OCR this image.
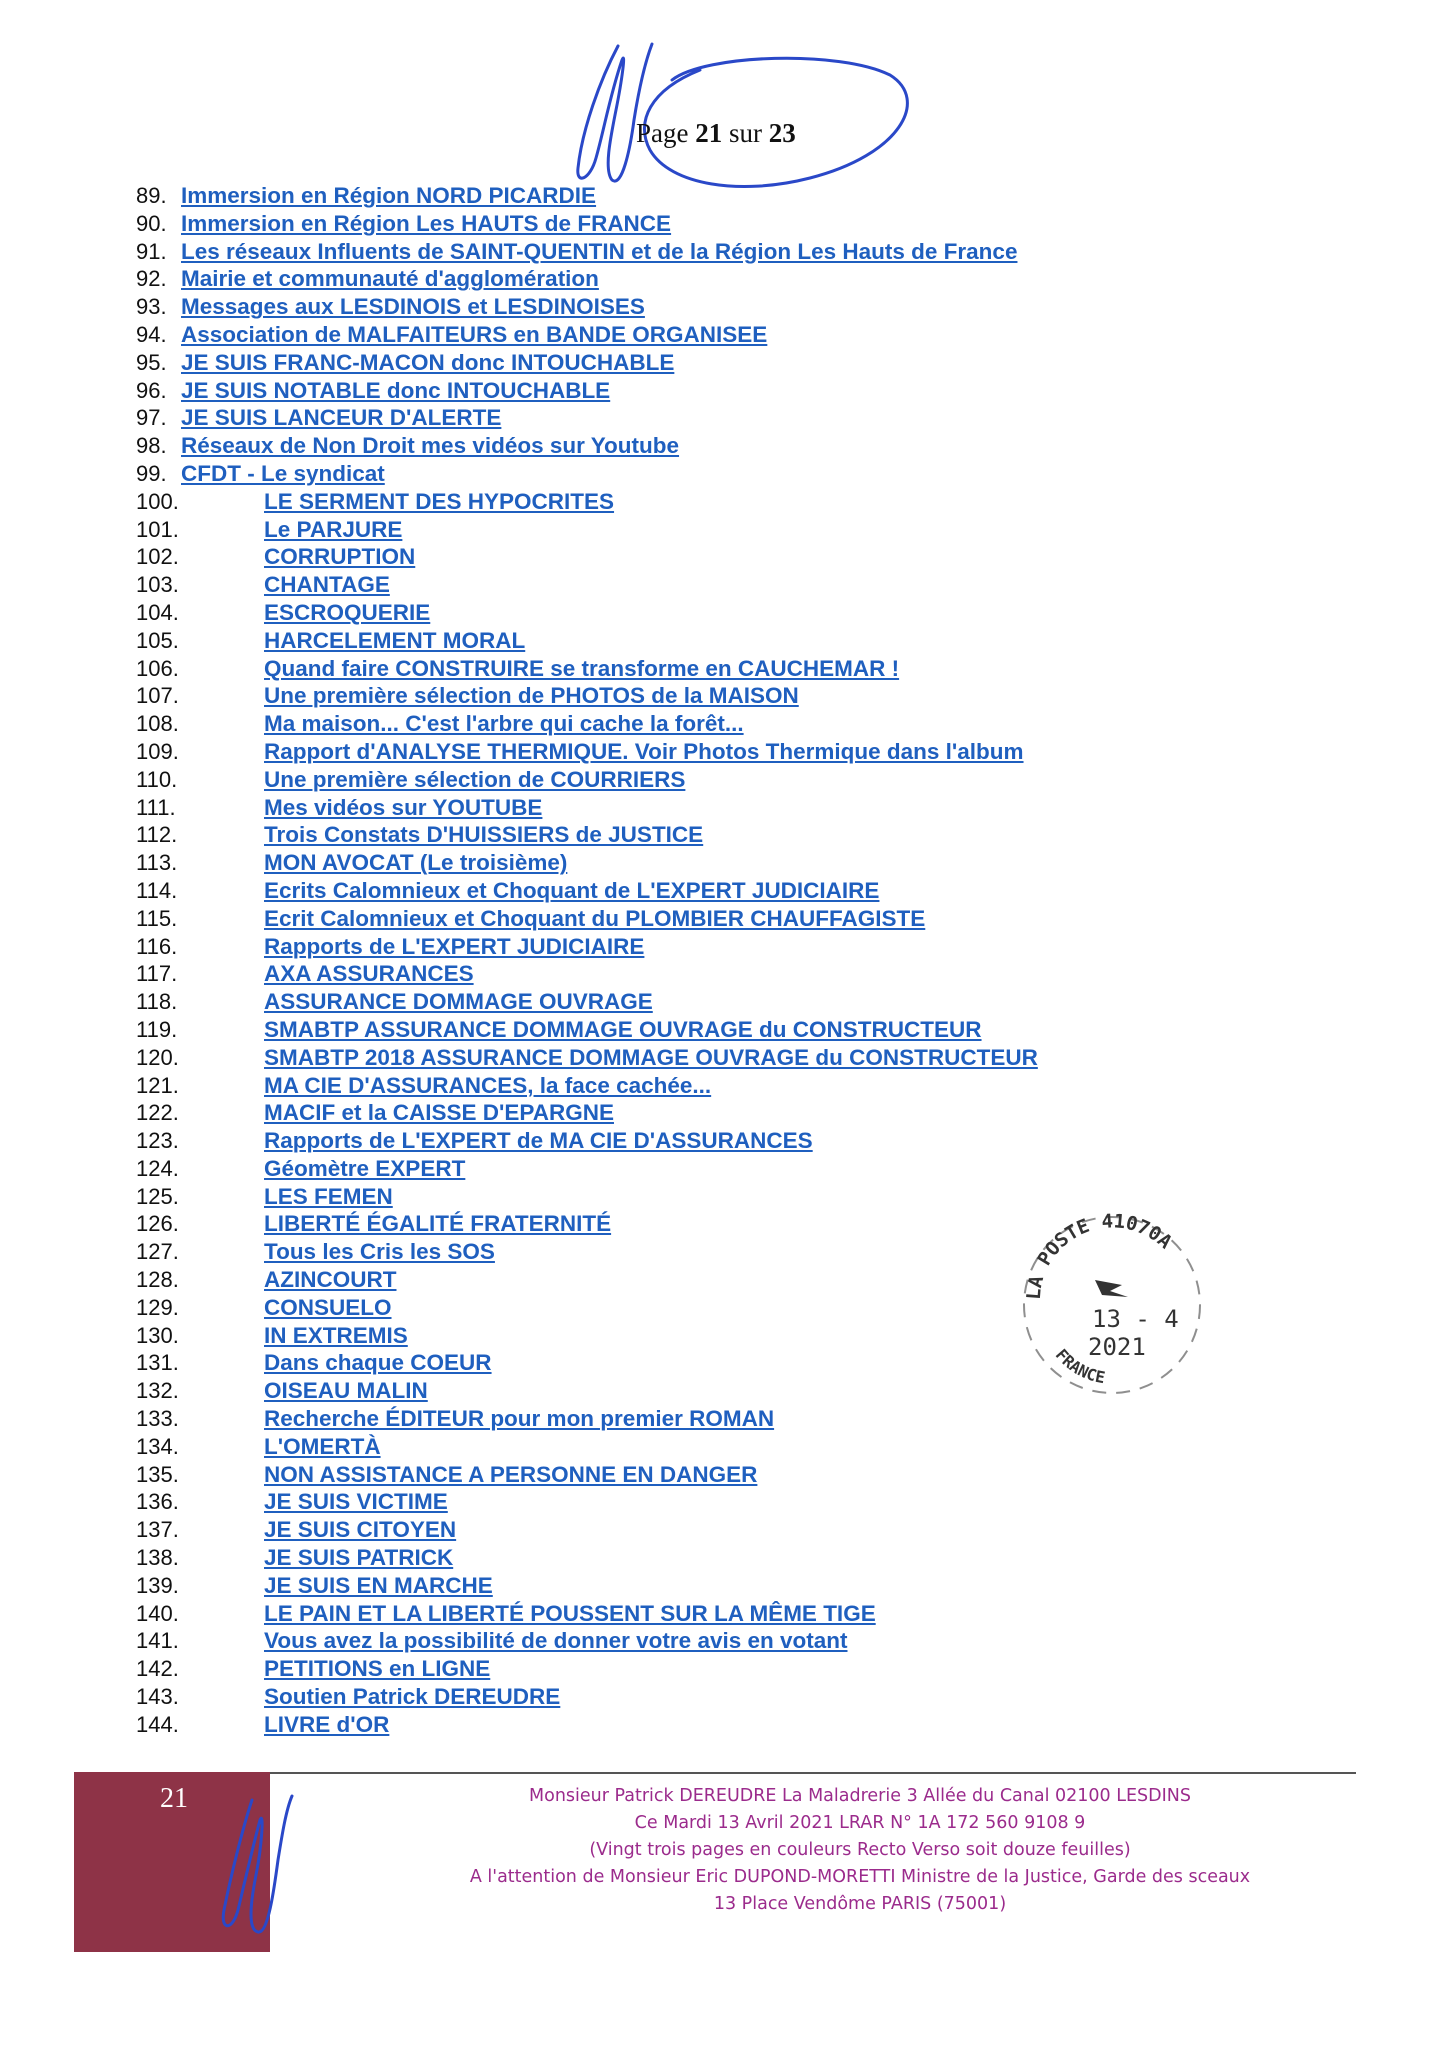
Page 21 sur 23
89. Immersion en Région NORD PICARDIE
90. Immersion en Région Les HAUTS de FRANCE
91. Les réseaux Influents de SAINT-QUENTIN et de la Région Les Hauts de France
92. Mairie et communauté d'agglomération
93. Messages aux LESDINOIS et LESDINOISES
94. Association de MALFAITEURS en BANDE ORGANISEE
95. JE SUIS FRANC-MACON donc INTOUCHABLE
96. JE SUIS NOTABLE donc INTOUCHABLE
97. JE SUIS LANCEUR D'ALERTE
98. Réseaux de Non Droit mes vidéos sur Youtube
99. CFDT - Le syndicat
100.	LE SERMENT DES HYPOCRITES
101.	Le PARJURE
102.	CORRUPTION
103.	CHANTAGE
104.	ESCROQUERIE
105.	HARCELEMENT MORAL
106.	Quand faire CONSTRUIRE se transforme en CAUCHEMAR !
107.	Une première sélection de PHOTOS de la MAISON
108.	Ma maison... C'est l'arbre qui cache la forêt...
109.	Rapport d'ANALYSE THERMIQUE. Voir Photos Thermique dans l'album
110.	Une première sélection de COURRIERS
111.	Mes vidéos sur YOUTUBE
112.	Trois Constats D'HUISSIERS de JUSTICE
113.	MON AVOCAT (Le troisième)
114.	Ecrits Calomnieux et Choquant de L'EXPERT JUDICIAIRE
115.	Ecrit Calomnieux et Choquant du PLOMBIER CHAUFFAGISTE
116.	Rapports de L'EXPERT JUDICIAIRE
117.	AXA ASSURANCES
118.	ASSURANCE DOMMAGE OUVRAGE
119.	SMABTP ASSURANCE DOMMAGE OUVRAGE du CONSTRUCTEUR
120.	SMABTP 2018 ASSURANCE DOMMAGE OUVRAGE du CONSTRUCTEUR
121.	MA CIE D'ASSURANCES, la face cachée...
122.	MACIF et la CAISSE D'EPARGNE
123.	Rapports de L'EXPERT de MA CIE D'ASSURANCES
124.	Géomètre EXPERT
125.	LES FEMEN
126.	LIBERTÉ ÉGALITÉ FRATERNITÉ
127.	Tous les Cris les SOS
128.	AZINCOURT
129.	CONSUELO
130.	IN EXTREMIS
131.	Dans chaque COEUR
132.	OISEAU MALIN
133.	Recherche ÉDITEUR pour mon premier ROMAN
134.	L'OMERTÀ
135.	NON ASSISTANCE A PERSONNE EN DANGER
136.	JE SUIS VICTIME
137.	JE SUIS CITOYEN
138.	JE SUIS PATRICK
139.	JE SUIS EN MARCHE
140.	LE PAIN ET LA LIBERTÉ POUSSENT SUR LA MÊME TIGE
141.	Vous avez la possibilité de donner votre avis en votant
142.	PETITIONS en LIGNE
143.	Soutien Patrick DEREUDRE
144.	LIVRE d'OR
LA POSTE 41070A
13 - 4
2021
FRANCE
21	Monsieur Patrick DEREUDRE La Maladrerie 3 Allée du Canal 02100 LESDINS
Ce Mardi 13 Avril 2021 LRAR N° 1A 172 560 9108 9
(Vingt trois pages en couleurs Recto Verso soit douze feuilles)
A l'attention de Monsieur Eric DUPOND-MORETTI Ministre de la Justice, Garde des sceaux
13 Place Vendôme PARIS (75001)
